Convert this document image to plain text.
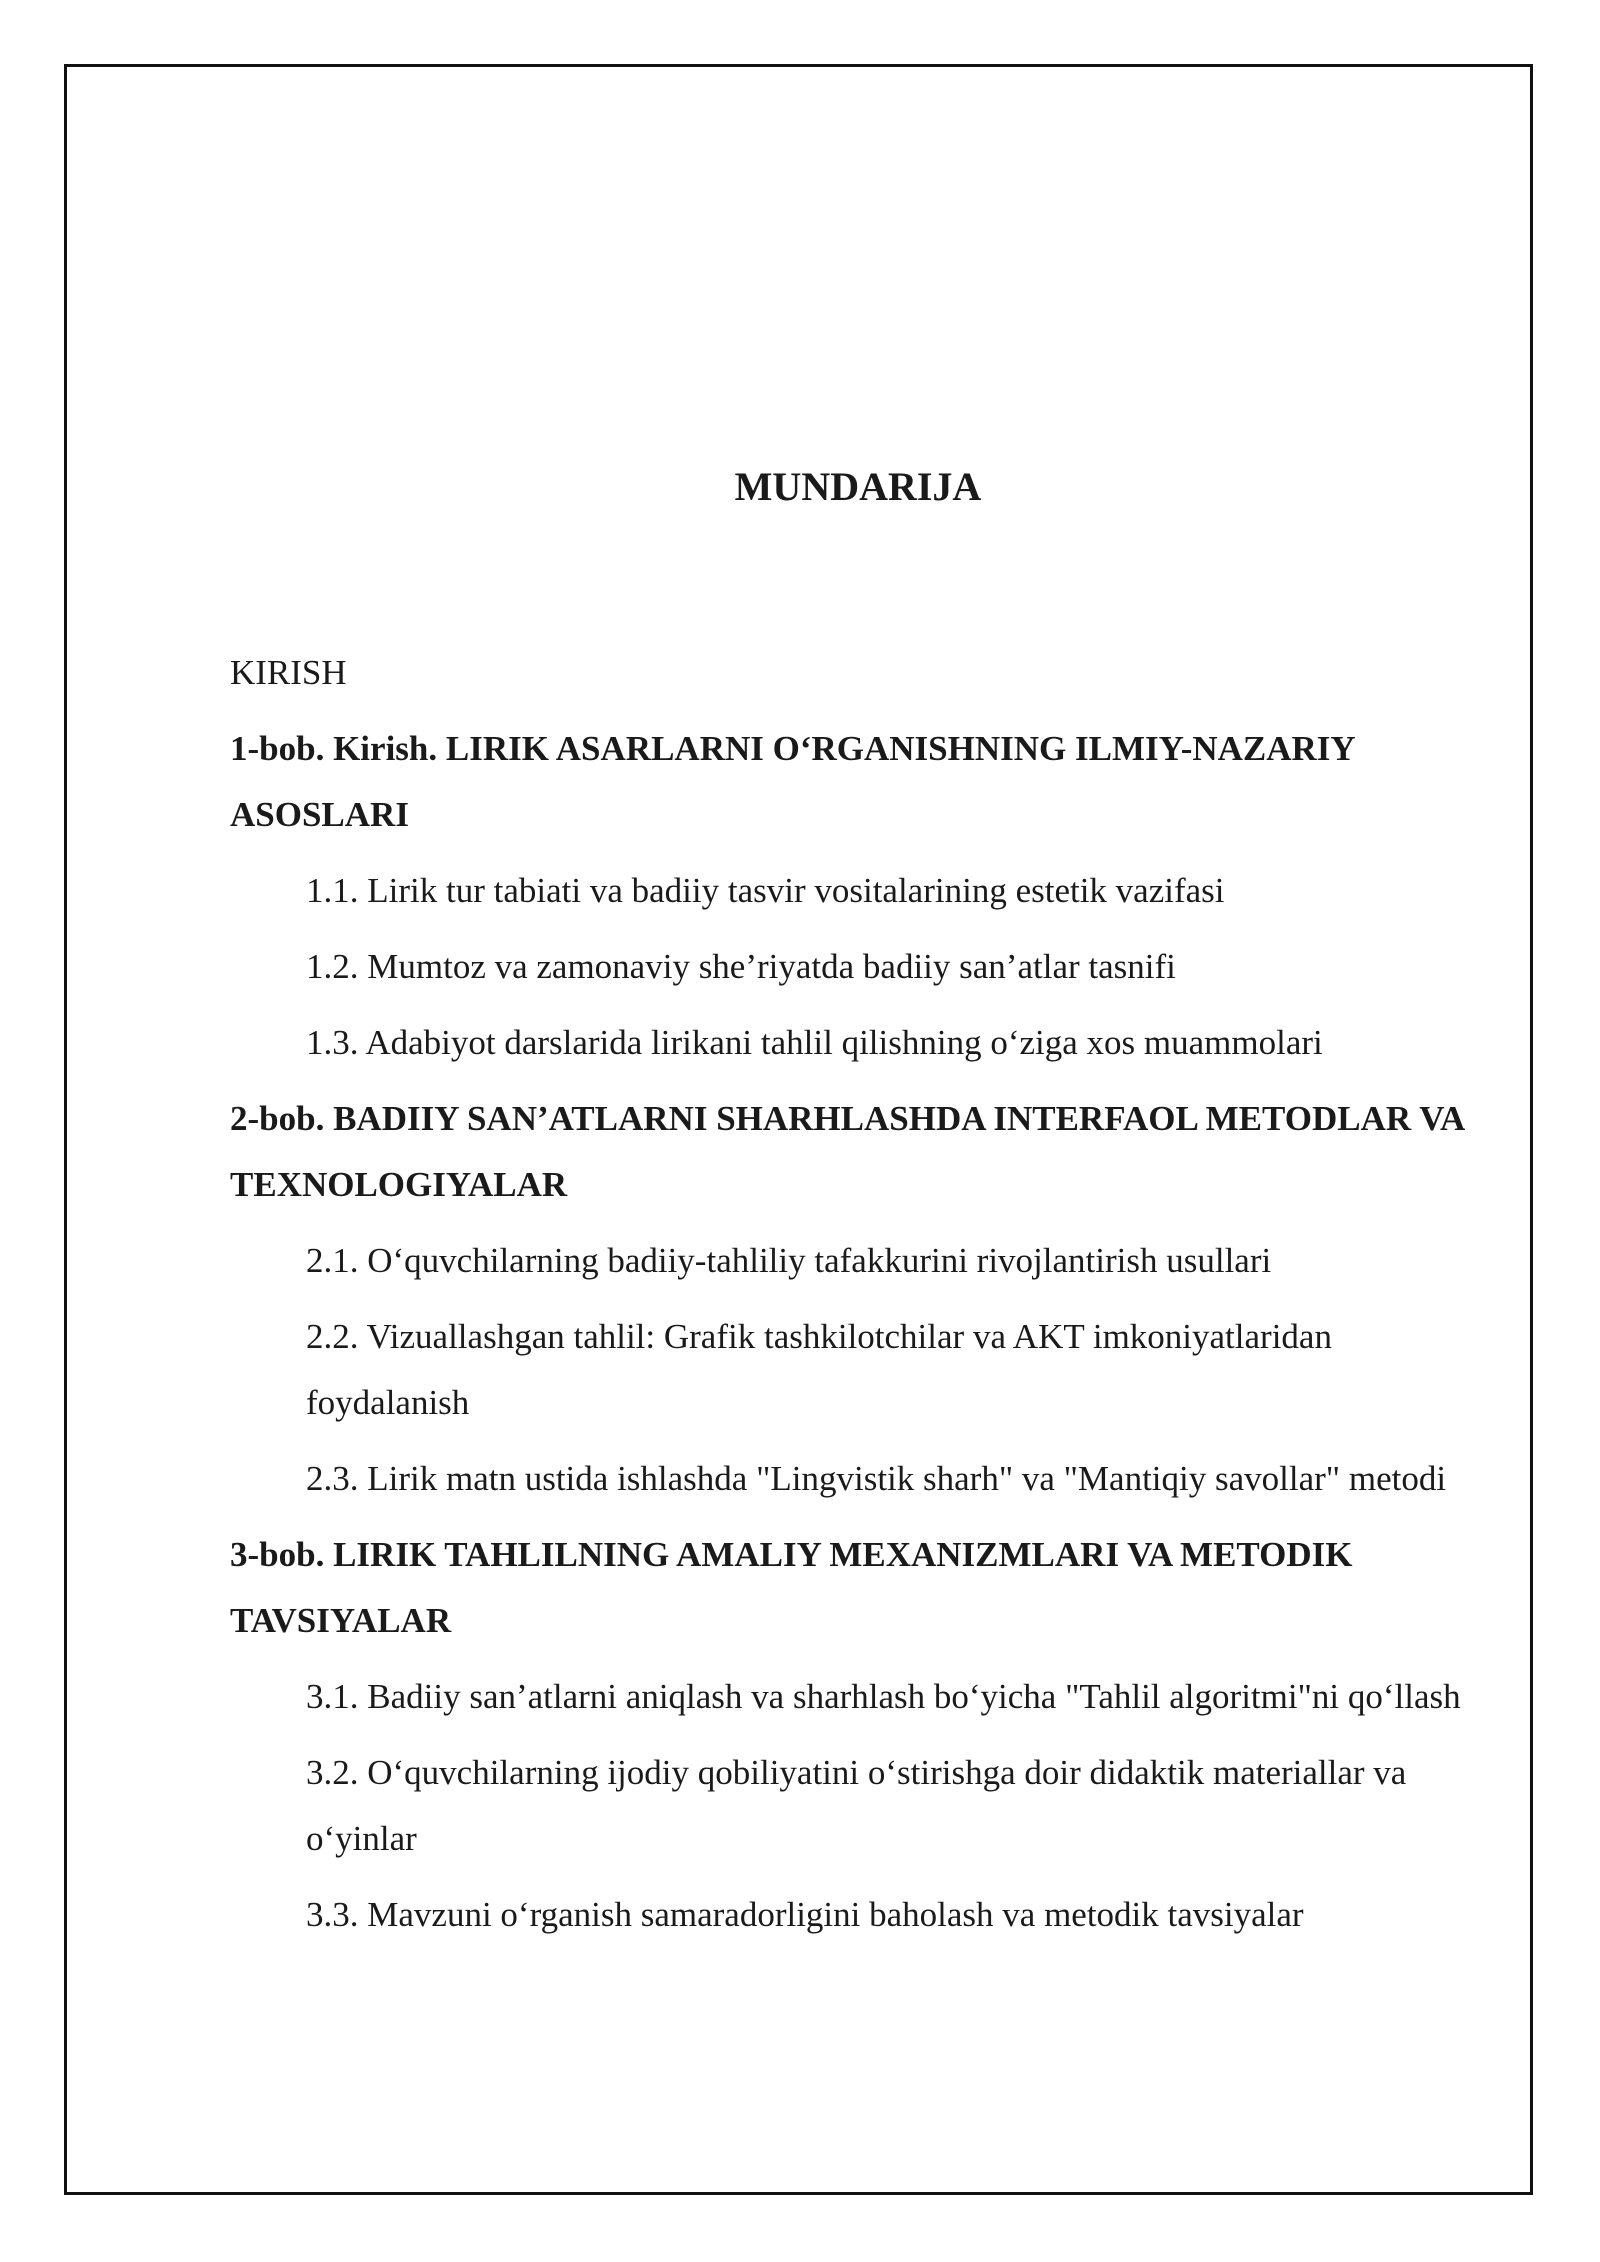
MUNDARIJA

KIRISH

1-bob. Kirish. LIRIK ASARLARNI O‘RGANISHNING ILMIY-NAZARIY ASOSLARI

1.1. Lirik tur tabiati va badiiy tasvir vositalarining estetik vazifasi

1.2. Mumtoz va zamonaviy she’riyatda badiiy san’atlar tasnifi

1.3. Adabiyot darslarida lirikani tahlil qilishning o‘ziga xos muammolari

2-bob. BADIIY SAN’ATLARNI SHARHLASHDA INTERFAOL METODLAR VA TEXNOLOGIYALAR

2.1. O‘quvchilarning badiiy-tahliliy tafakkurini rivojlantirish usullari

2.2. Vizuallashgan tahlil: Grafik tashkilotchilar va AKT imkoniyatlaridan foydalanish

2.3. Lirik matn ustida ishlashda "Lingvistik sharh" va "Mantiqiy savollar" metodi

3-bob. LIRIK TAHLILNING AMALIY MEXANIZMLARI VA METODIK TAVSIYALAR

3.1. Badiiy san’atlarni aniqlash va sharhlash bo‘yicha "Tahlil algoritmi"ni qo‘llash

3.2. O‘quvchilarning ijodiy qobiliyatini o‘stirishga doir didaktik materiallar va o‘yinlar

3.3. Mavzuni o‘rganish samaradorligini baholash va metodik tavsiyalar
